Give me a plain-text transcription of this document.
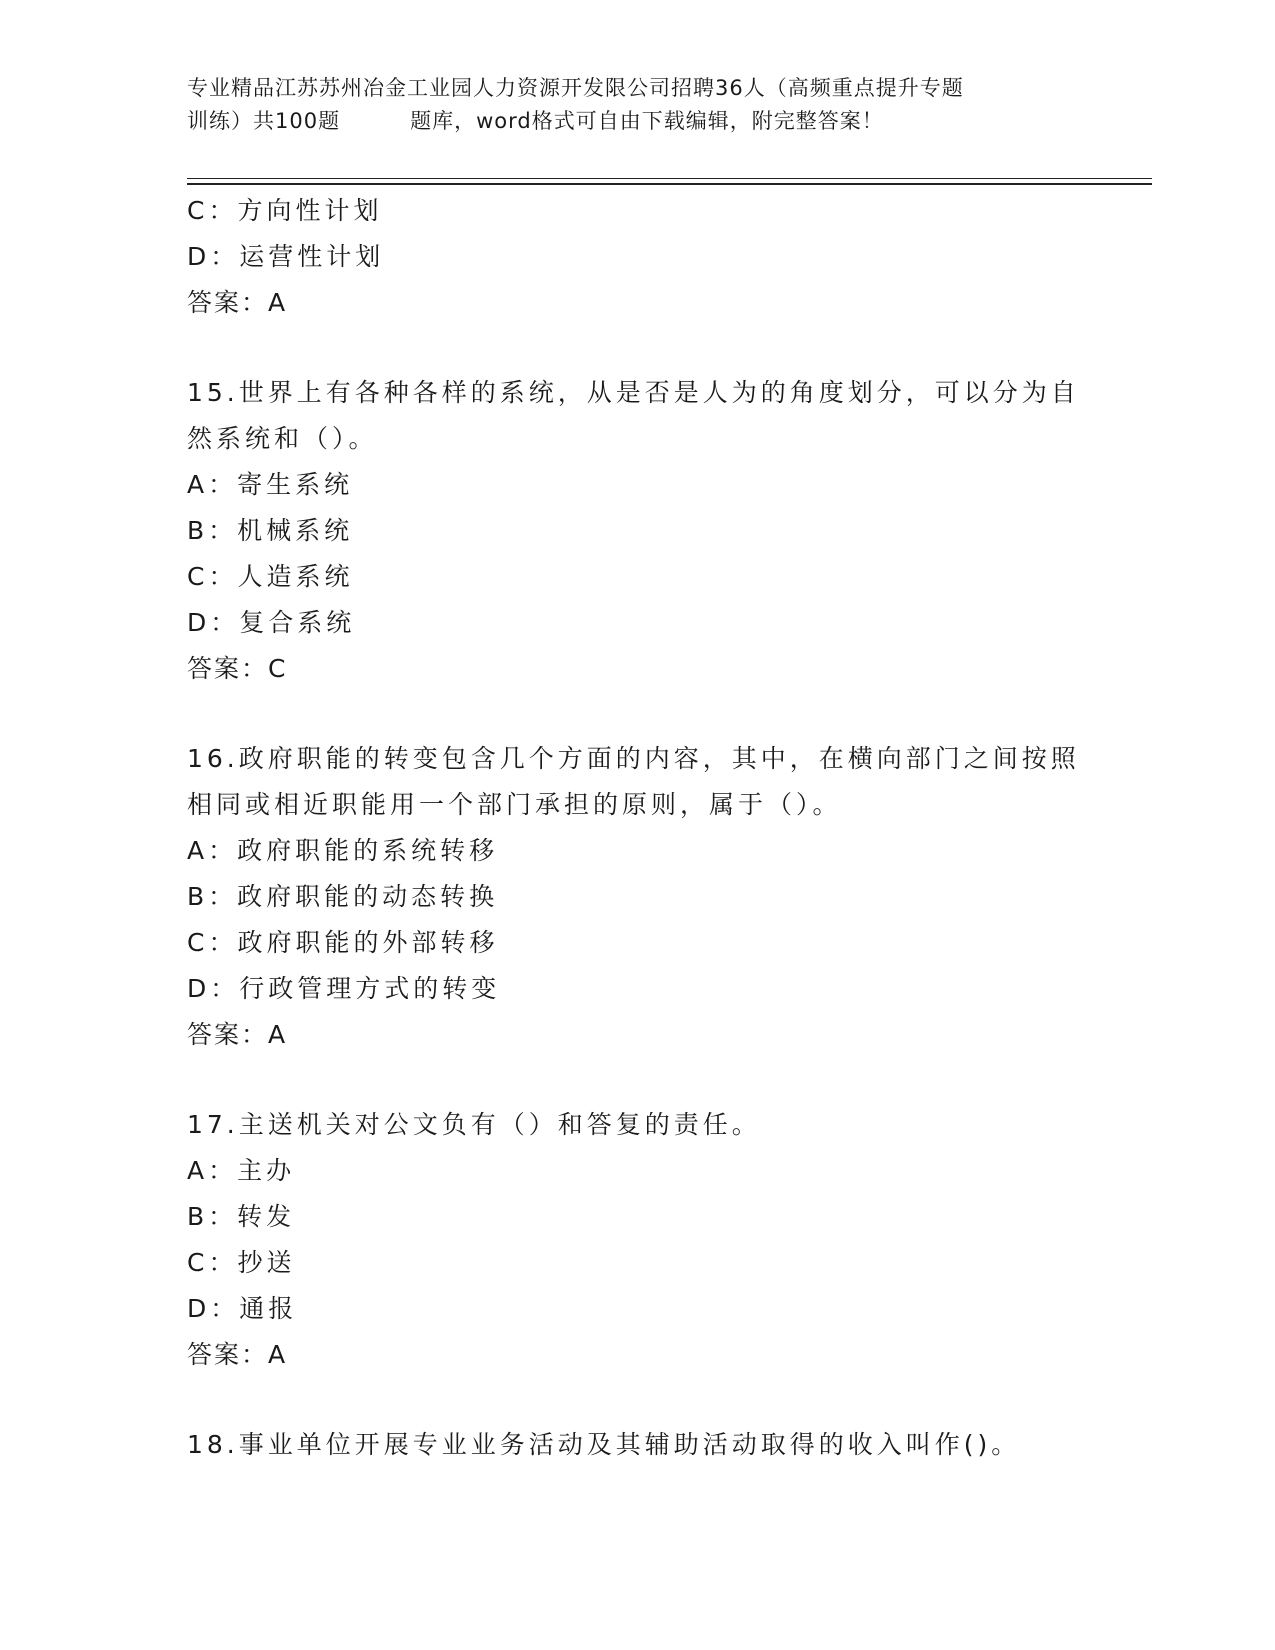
专业精品江苏苏州冶金工业园人力资源开发限公司招聘36人（高频重点提升专题
训练）共100题	题库，word格式可自由下载编辑，附完整答案！
C：方向性计划
D：运营性计划
答案：A
15.世界上有各种各样的系统，从是否是人为的角度划分，可以分为自
然系统和（）。
A：寄生系统
B：机械系统
C：人造系统
D：复合系统
答案：C
16.政府职能的转变包含几个方面的内容，其中，在横向部门之间按照
相同或相近职能用一个部门承担的原则，属于（）。
A：政府职能的系统转移
B：政府职能的动态转换
C：政府职能的外部转移
D：行政管理方式的转变
答案：A
17.主送机关对公文负有（）和答复的责任。
A：主办
B：转发
C：抄送
D：通报
答案：A
18.事业单位开展专业业务活动及其辅助活动取得的收入叫作()。
